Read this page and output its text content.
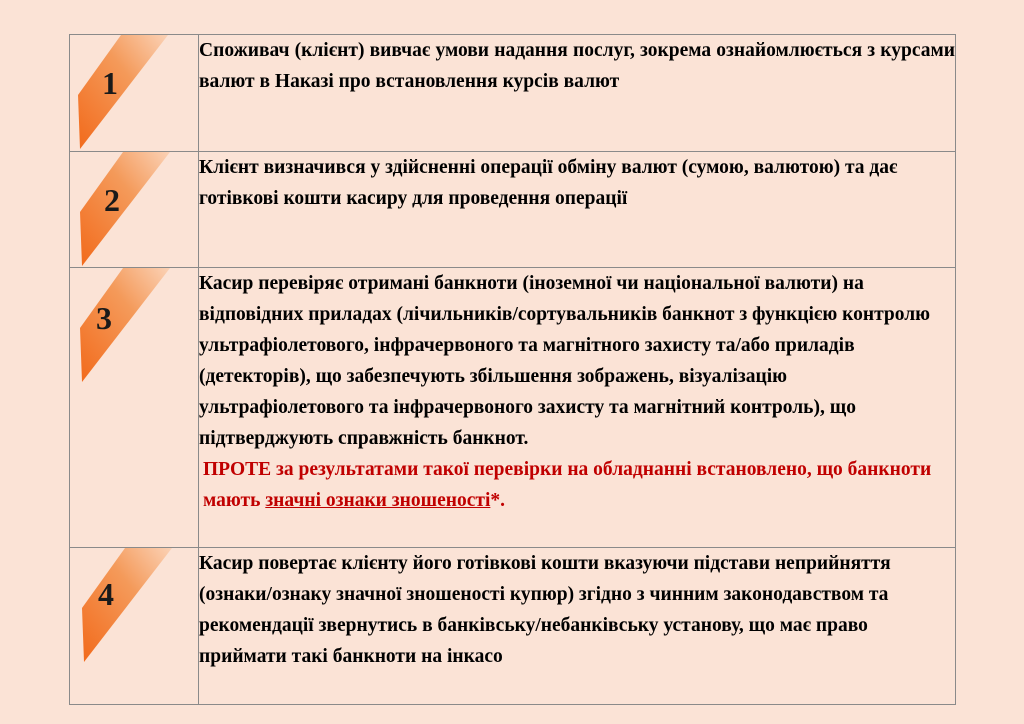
1	Споживач (клієнт) вивчає умови надання послуг, зокрема ознайомлюється з курсами валют в Наказі про встановлення курсів валют

2	Клієнт визначився у здійсненні операції обміну валют (сумою, валютою) та дає готівкові кошти касиру для проведення операції

3	Касир перевіряє отримані банкноти (іноземної чи національної валюти) на відповідних приладах (лічильників/сортувальників банкнот з функцією контролю ультрафіолетового, інфрачервоного та магнітного захисту та/або приладів (детекторів), що забезпечують збільшення зображень, візуалізацію ультрафіолетового та інфрачервоного захисту та магнітний контроль), що підтверджують справжність банкнот.
ПРОТЕ за результатами такої перевірки на обладнанні встановлено, що банкноти мають значні ознаки зношеності*.

4	Касир повертає клієнту його готівкові кошти вказуючи підстави неприйняття (ознаки/ознаку значної зношеності купюр) згідно з чинним законодавством та рекомендації звернутись в банківську/небанківську установу, що має право приймати такі банкноти на інкасо
